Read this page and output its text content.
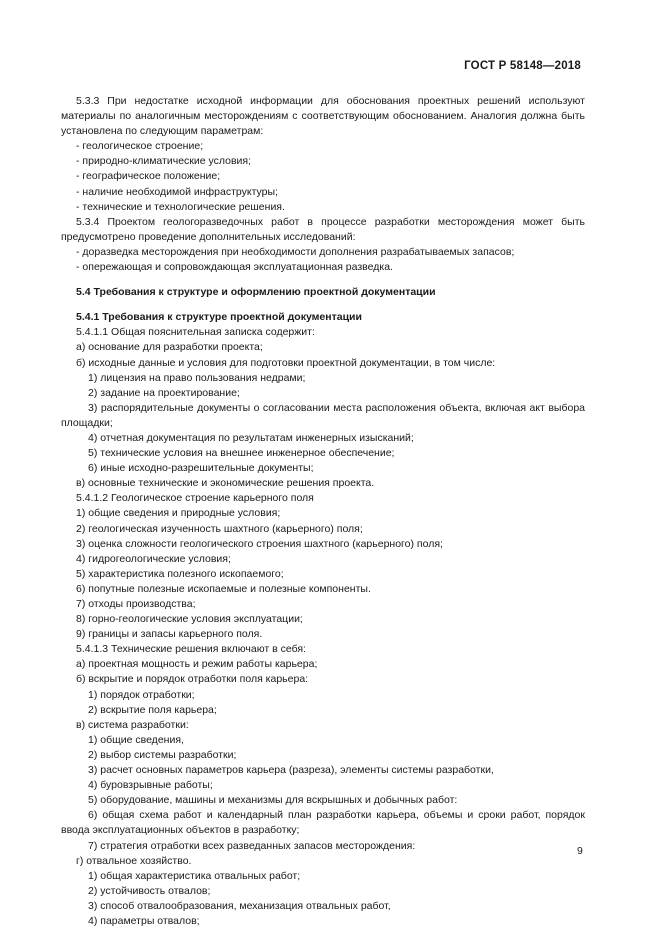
ГОСТ Р 58148—2018
5.3.3 При недостатке исходной информации для обоснования проектных решений используют материалы по аналогичным месторождениям с соответствующим обоснованием. Аналогия должна быть установлена по следующим параметрам:
- геологическое строение;
- природно-климатические условия;
- географическое положение;
- наличие необходимой инфраструктуры;
- технические и технологические решения.
5.3.4 Проектом геологоразведочных работ в процессе разработки месторождения может быть предусмотрено проведение дополнительных исследований:
- доразведка месторождения при необходимости дополнения разрабатываемых запасов;
- опережающая и сопровождающая эксплуатационная разведка.
5.4 Требования к структуре и оформлению проектной документации
5.4.1 Требования к структуре проектной документации
5.4.1.1 Общая пояснительная записка содержит:
а) основание для разработки проекта;
б) исходные данные и условия для подготовки проектной документации, в том числе:
1) лицензия на право пользования недрами;
2) задание на проектирование;
3) распорядительные документы о согласовании места расположения объекта, включая акт выбора площадки;
4) отчетная документация по результатам инженерных изысканий;
5) технические условия на внешнее инженерное обеспечение;
6) иные исходно-разрешительные документы;
в) основные технические и экономические решения проекта.
5.4.1.2 Геологическое строение карьерного поля
1) общие сведения и природные условия;
2) геологическая изученность шахтного (карьерного) поля;
3) оценка сложности геологического строения шахтного (карьерного) поля;
4) гидрогеологические условия;
5) характеристика полезного ископаемого;
6) попутные полезные ископаемые и полезные компоненты.
7) отходы производства;
8) горно-геологические условия эксплуатации;
9) границы и запасы карьерного поля.
5.4.1.3 Технические решения включают в себя:
а) проектная мощность и режим работы карьера;
б) вскрытие и порядок отработки поля карьера:
1) порядок отработки;
2) вскрытие поля карьера;
в) система разработки:
1) общие сведения,
2) выбор системы разработки;
3) расчет основных параметров карьера (разреза), элементы системы разработки,
4) буровзрывные работы;
5) оборудование, машины и механизмы для вскрышных и добычных работ:
6) общая схема работ и календарный план разработки карьера, объемы и сроки работ, порядок ввода эксплуатационных объектов в разработку;
7) стратегия отработки всех разведанных запасов месторождения:
г) отвальное хозяйство.
1) общая характеристика отвальных работ;
2) устойчивость отвалов;
3) способ отвалообразования, механизация отвальных работ,
4) параметры отвалов;
9
